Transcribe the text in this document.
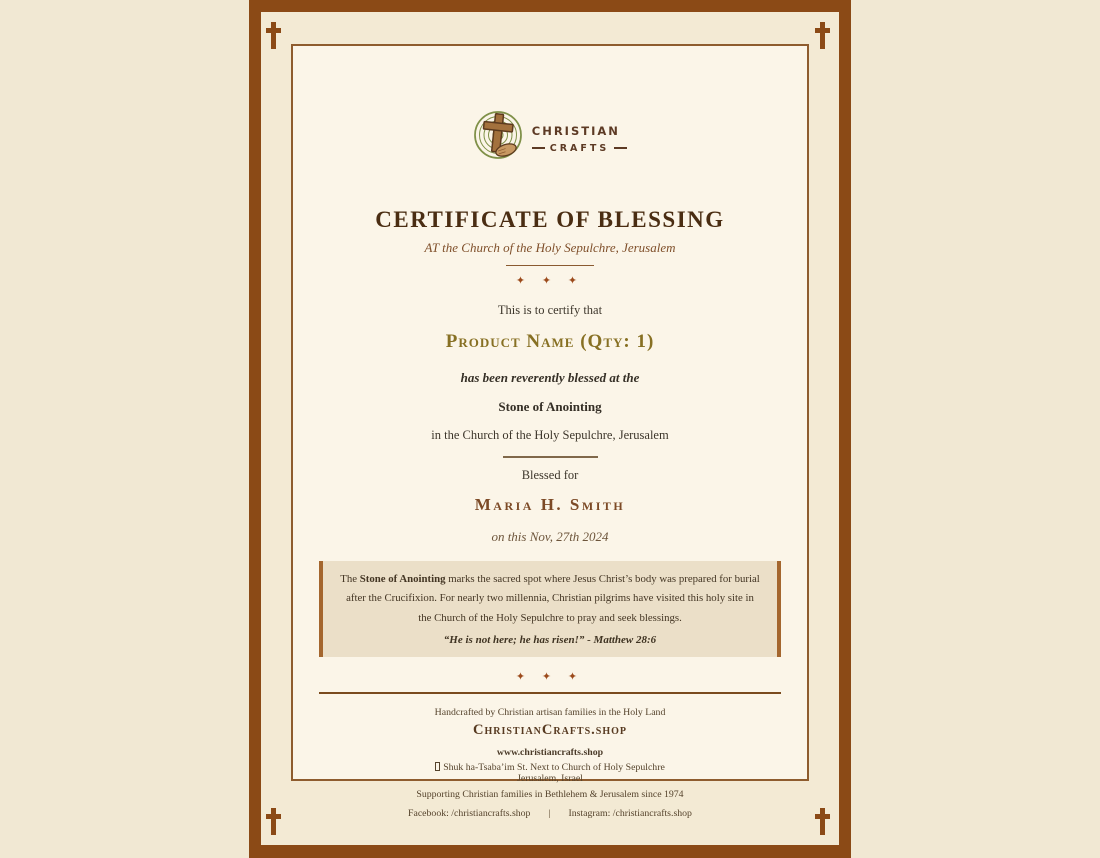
CHRISTIAN
CRAFTS
CERTIFICATE OF BLESSING
AT the Church of the Holy Sepulchre, Jerusalem
✦ ✦ ✦
This is to certify that
Product Name (Qty: 1)
has been reverently blessed at the
Stone of Anointing
in the Church of the Holy Sepulchre, Jerusalem
Blessed for
Maria H. Smith
on this Nov, 27th 2024
The Stone of Anointing marks the sacred spot where Jesus Christ’s body was prepared for burial after the Crucifixion. For nearly two millennia, Christian pilgrims have visited this holy site in the Church of the Holy Sepulchre to pray and seek blessings.
“He is not here; he has risen!” - Matthew 28:6
✦ ✦ ✦
Handcrafted by Christian artisan families in the Holy Land
ChristianCrafts.shop
www.christiancrafts.shop
Shuk ha-Tsaba’im St. Next to Church of Holy Sepulchre
Jerusalem, Israel
Supporting Christian families in Bethlehem & Jerusalem since 1974
Facebook: /christiancrafts.shop | Instagram: /christiancrafts.shop
